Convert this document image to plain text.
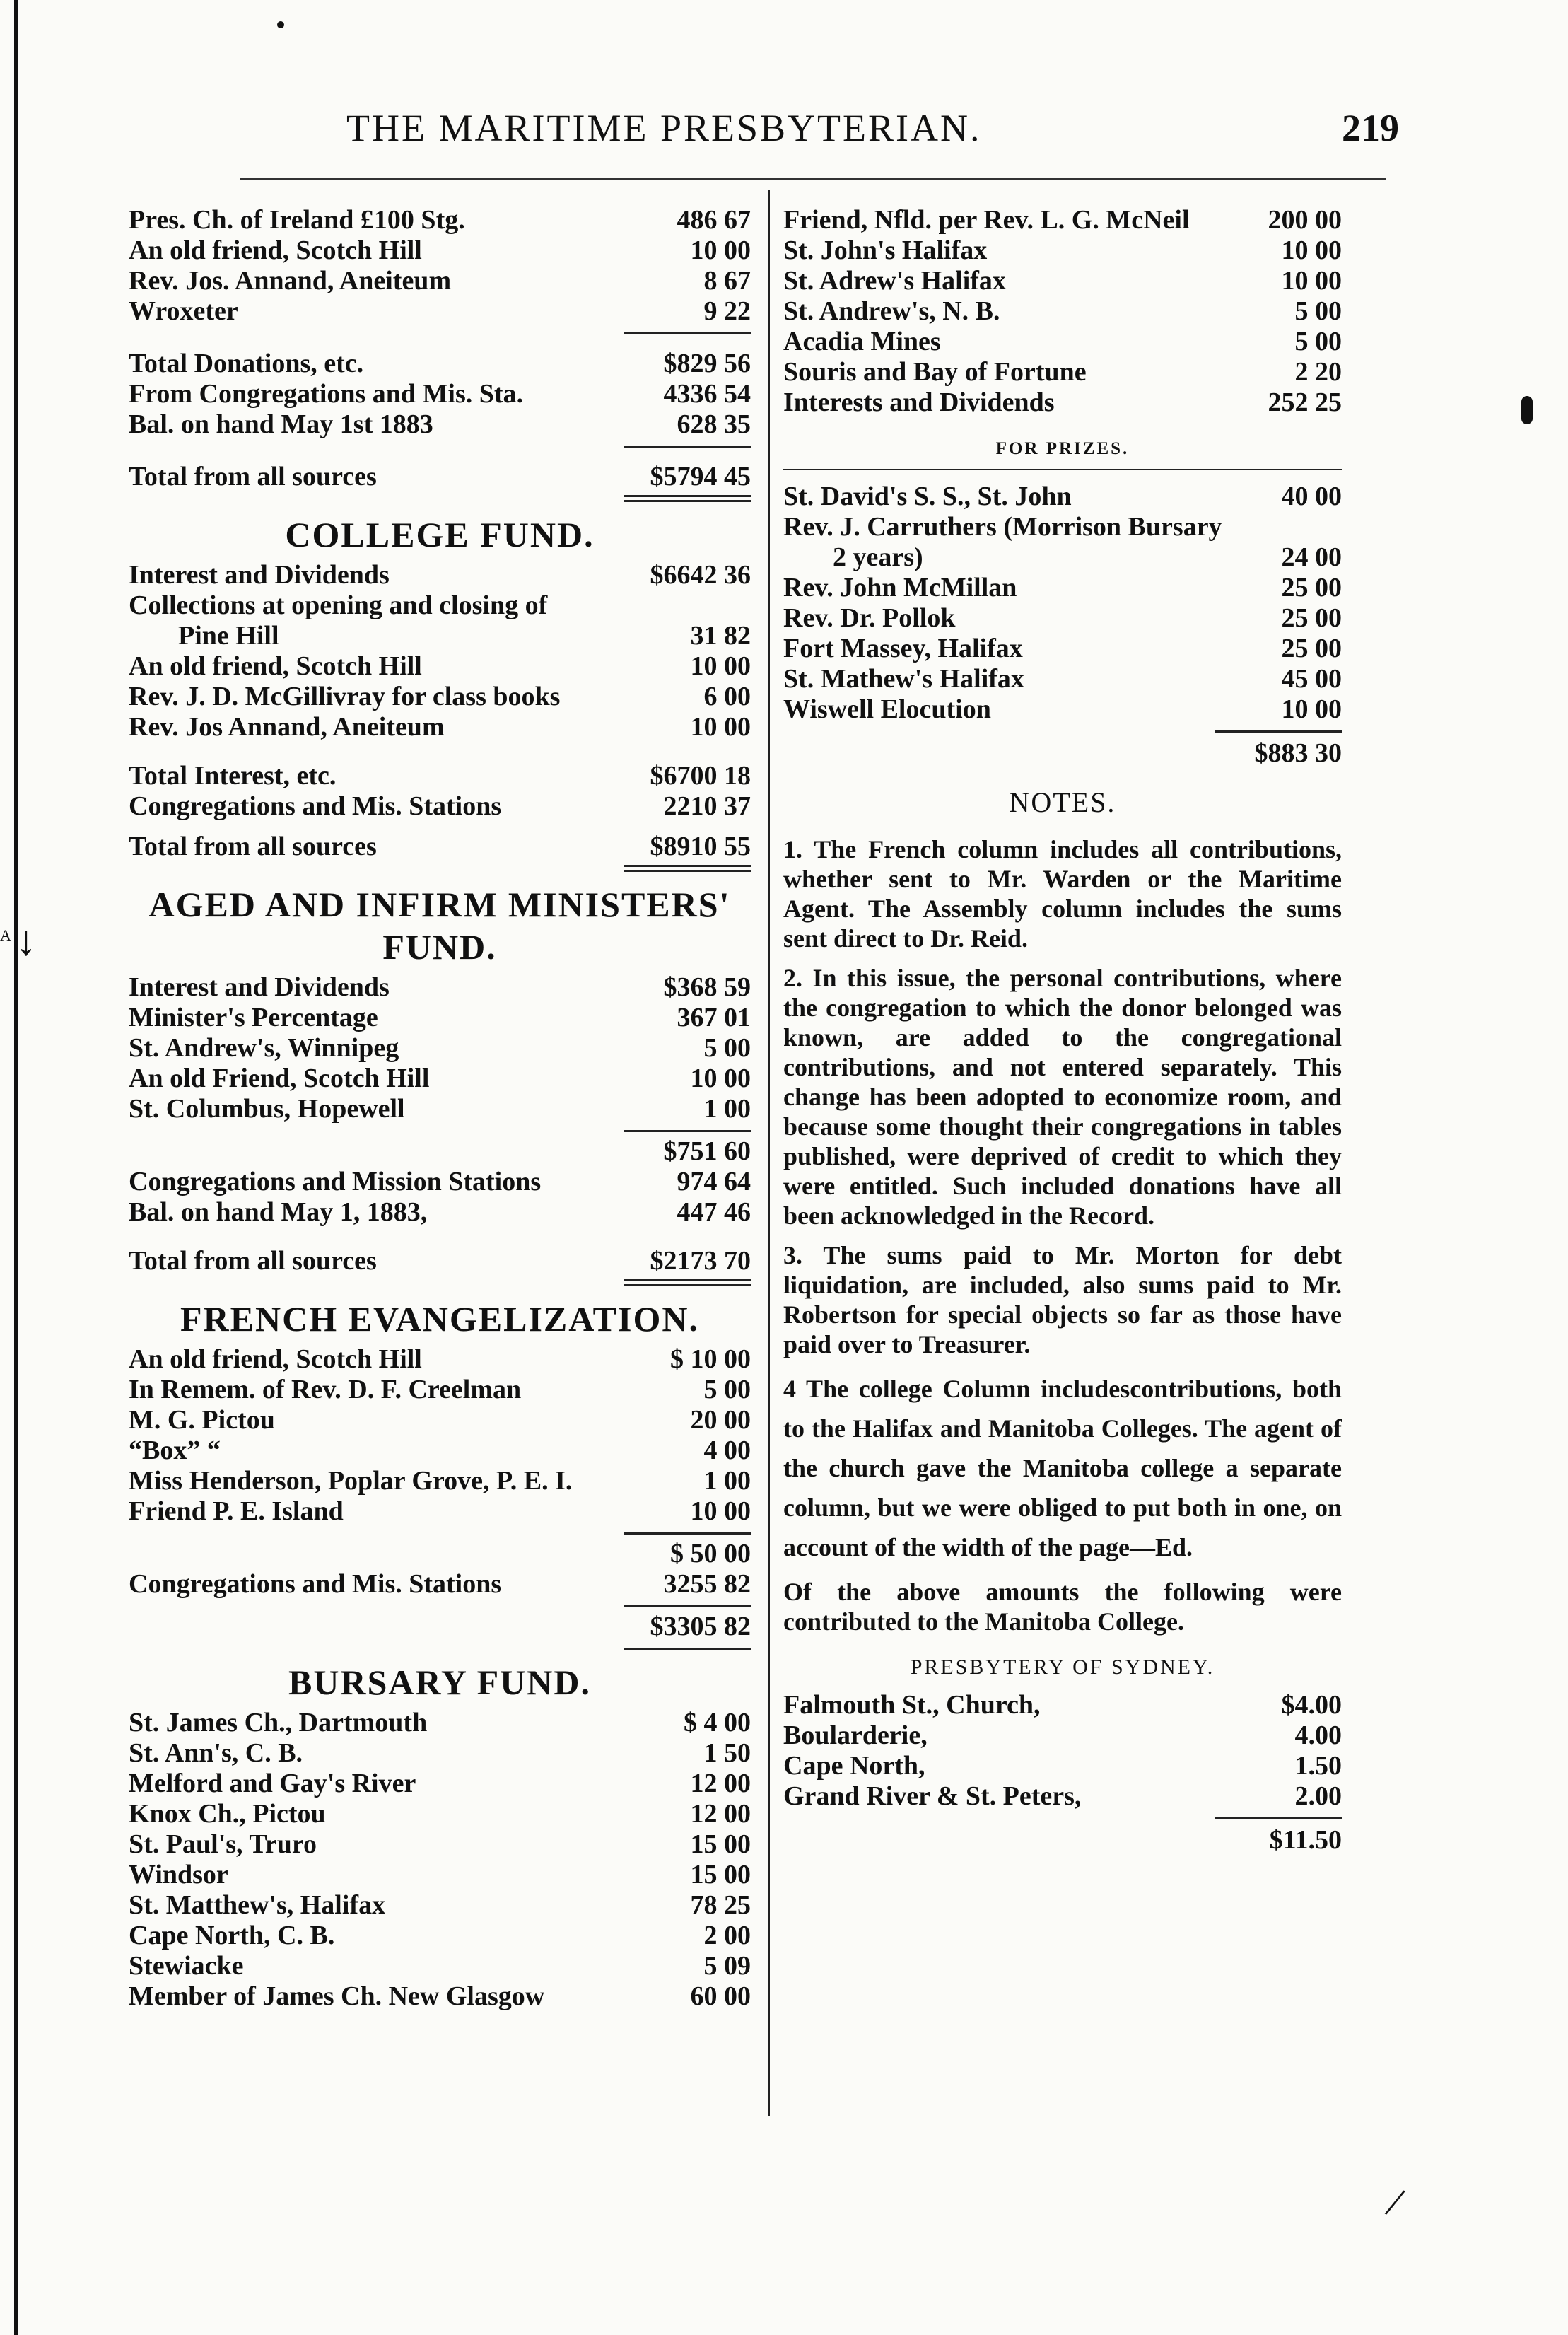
↓
A
/
THE MARITIME PRESBYTERIAN.	219
Pres. Ch. of Ireland £100 Stg.	486 67
An old friend, Scotch Hill	10 00
Rev. Jos. Annand, Aneiteum	8 67
Wroxeter	9 22
Total Donations, etc.	$829 56
From Congregations and Mis. Sta.	4336 54
Bal. on hand May 1st 1883	628 35
Total from all sources	$5794 45
COLLEGE FUND.
Interest and Dividends	$6642 36
Collections at opening and closing of
Pine Hill	31 82
An old friend, Scotch Hill	10 00
Rev. J. D. McGillivray for class books	6 00
Rev. Jos Annand, Aneiteum	10 00
Total Interest, etc.	$6700 18
Congregations and Mis. Stations	2210 37
Total from all sources	$8910 55
AGED AND INFIRM MINISTERS'
FUND.
Interest and Dividends	$368 59
Minister's Percentage	367 01
St. Andrew's, Winnipeg	5 00
An old Friend, Scotch Hill	10 00
St. Columbus, Hopewell	1 00
$751 60
Congregations and Mission Stations	974 64
Bal. on hand May 1, 1883,	447 46
Total from all sources	$2173 70
FRENCH EVANGELIZATION.
An old friend, Scotch Hill	$ 10 00
In Remem. of Rev. D. F. Creelman	5 00
M. G. Pictou	20 00
“Box” “	4 00
Miss Henderson, Poplar Grove, P. E. I.	1 00
Friend P. E. Island	10 00
$ 50 00
Congregations and Mis. Stations	3255 82
$3305 82
BURSARY FUND.
St. James Ch., Dartmouth	$ 4 00
St. Ann's, C. B.	1 50
Melford and Gay's River	12 00
Knox Ch., Pictou	12 00
St. Paul's, Truro	15 00
Windsor	15 00
St. Matthew's, Halifax	78 25
Cape North, C. B.	2 00
Stewiacke	5 09
Member of James Ch. New Glasgow	60 00
Friend, Nfld. per Rev. L. G. McNeil	200 00
St. John's Halifax	10 00
St. Adrew's Halifax	10 00
St. Andrew's, N. B.	5 00
Acadia Mines	5 00
Souris and Bay of Fortune	2 20
Interests and Dividends	252 25
FOR PRIZES.
St. David's S. S., St. John	40 00
Rev. J. Carruthers (Morrison Bursary
2 years)	24 00
Rev. John McMillan	25 00
Rev. Dr. Pollok	25 00
Fort Massey, Halifax	25 00
St. Mathew's Halifax	45 00
Wiswell Elocution	10 00
$883 30
NOTES.

1. The French column includes all contributions, whether sent to Mr. Warden or the Maritime Agent. The Assembly column includes the sums sent direct to Dr. Reid.

2. In this issue, the personal contributions, where the congregation to which the donor belonged was known, are added to the congregational contributions, and not entered separately. This change has been adopted to economize room, and because some thought their congregations in tables published, were deprived of credit to which they were entitled. Such included donations have all been acknowledged in the Record.

3. The sums paid to Mr. Morton for debt liquidation, are included, also sums paid to Mr. Robertson for special objects so far as those have paid over to Treasurer.

4 The college Column includescontributions, both to the Halifax and Manitoba Colleges. The agent of the church gave the Manitoba college a separate column, but we were obliged to put both in one, on account of the width of the page—Ed.

Of the above amounts the following were contributed to the Manitoba College.

PRESBYTERY OF SYDNEY.
Falmouth St., Church,	$4.00
Boularderie,	4.00
Cape North,	1.50
Grand River & St. Peters,	2.00
$11.50
